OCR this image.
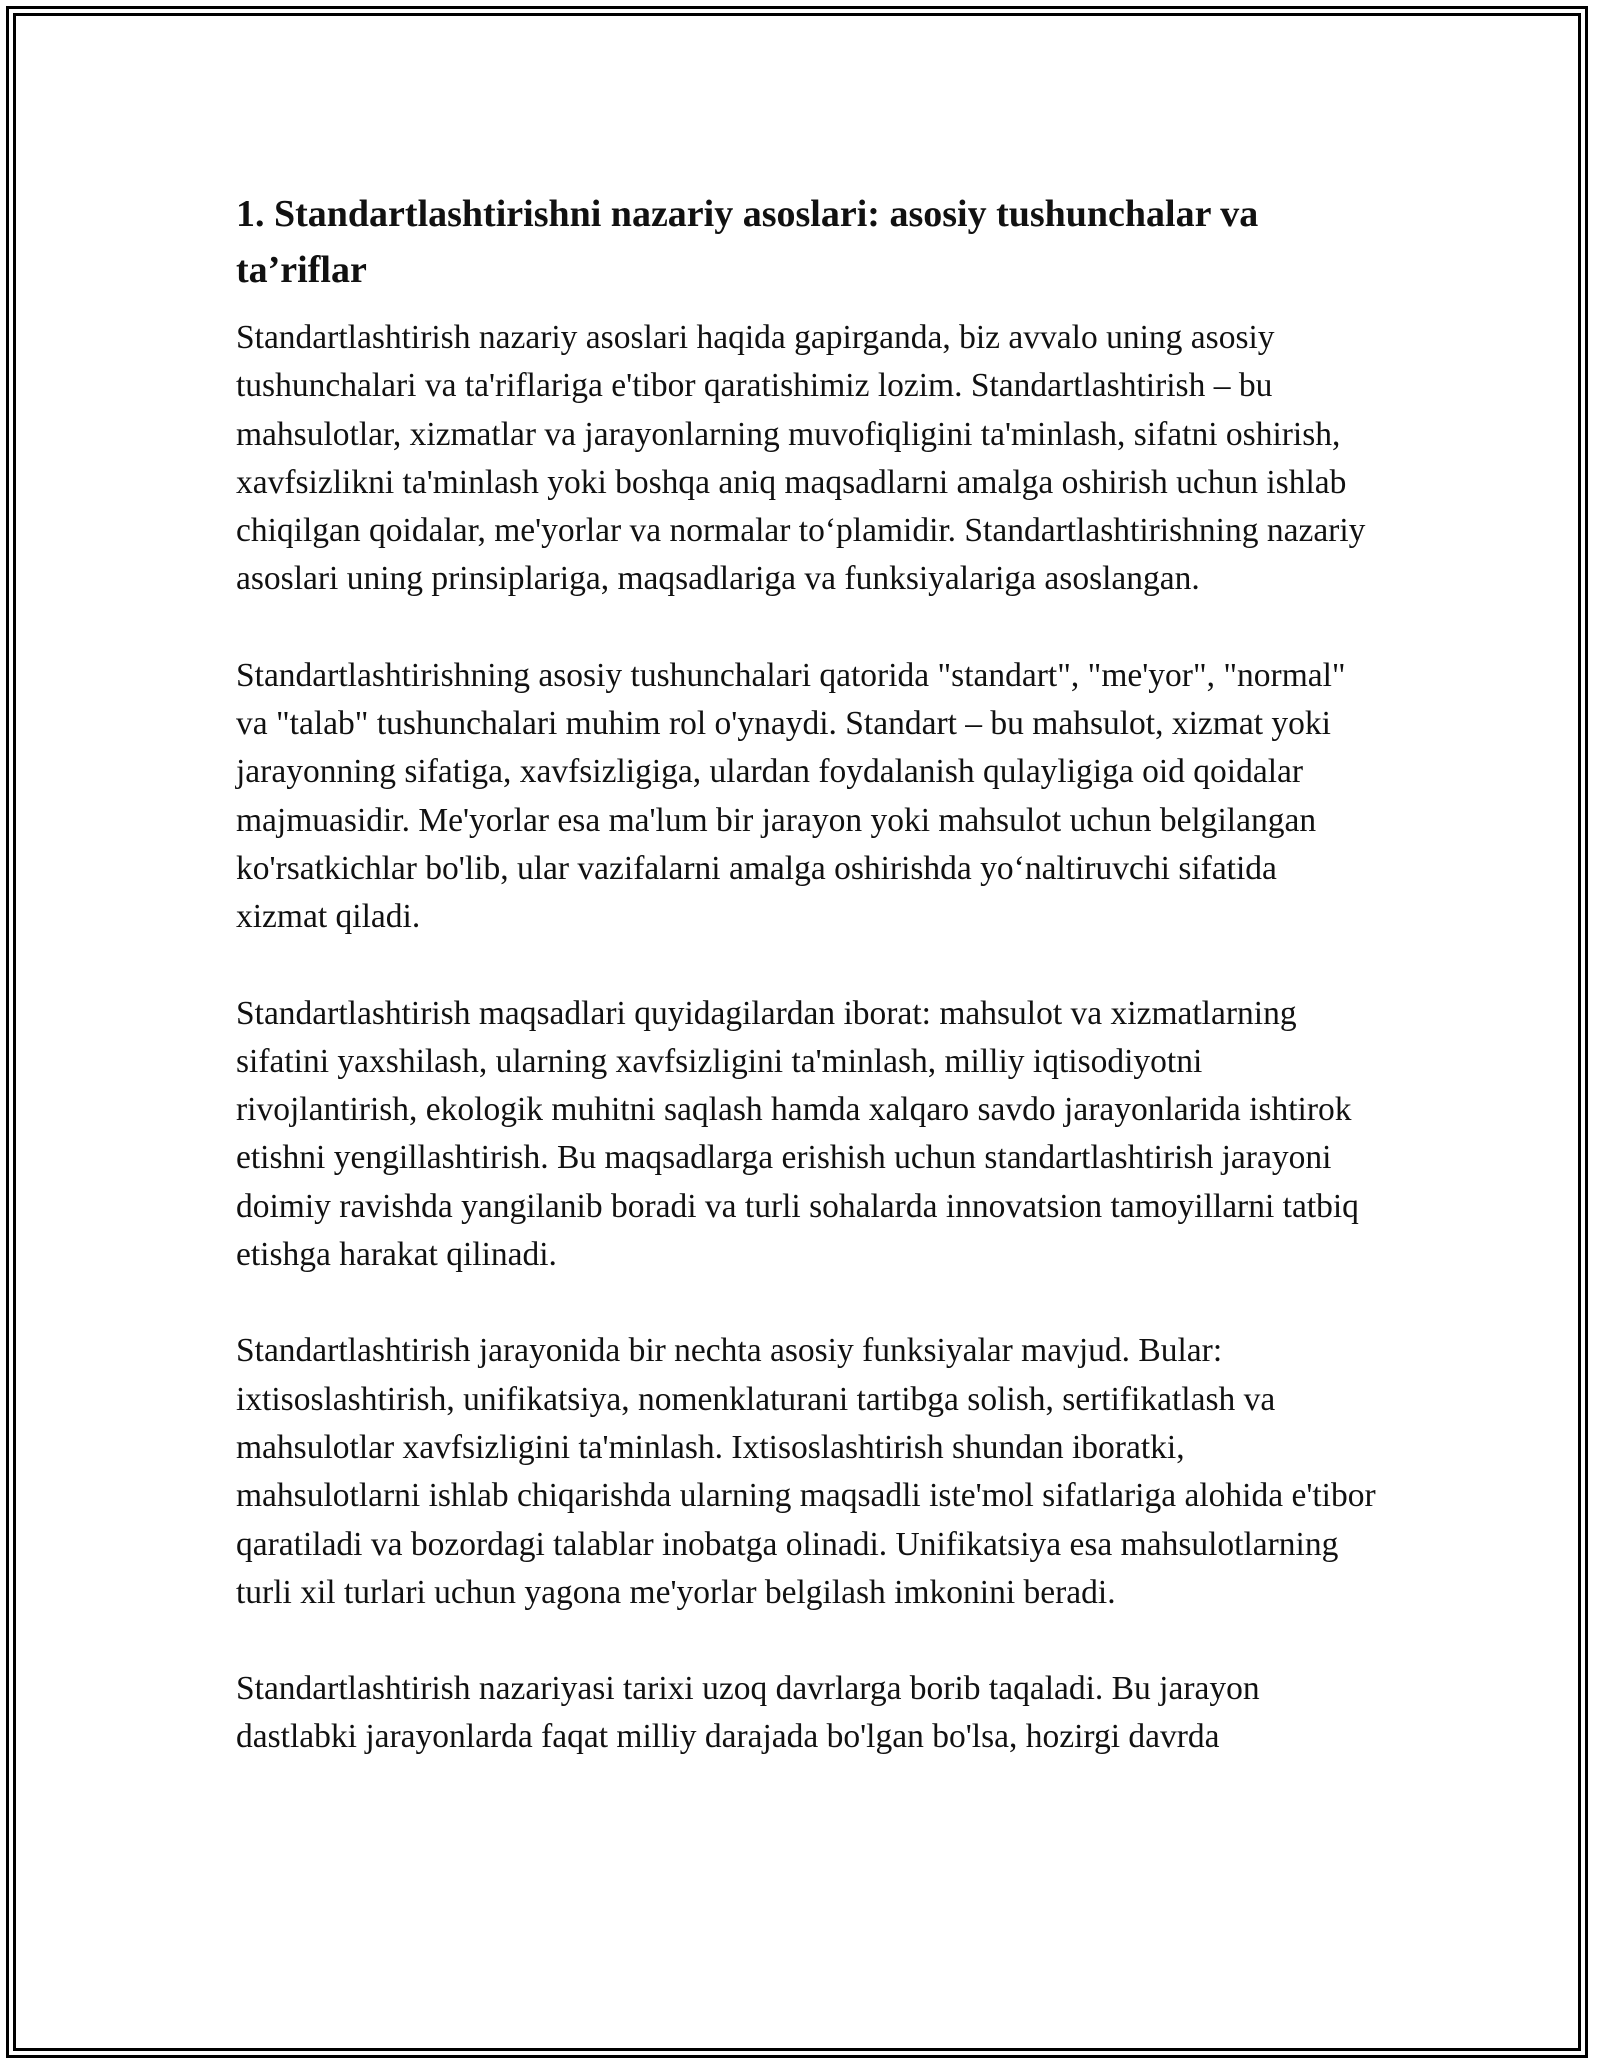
1. Standartlashtirishni nazariy asoslari: asosiy tushunchalar va ta’riflar

Standartlashtirish nazariy asoslari haqida gapirganda, biz avvalo uning asosiy tushunchalari va ta'riflariga e'tibor qaratishimiz lozim. Standartlashtirish – bu mahsulotlar, xizmatlar va jarayonlarning muvofiqligini ta'minlash, sifatni oshirish, xavfsizlikni ta'minlash yoki boshqa aniq maqsadlarni amalga oshirish uchun ishlab chiqilgan qoidalar, me'yorlar va normalar to‘plamidir. Standartlashtirishning nazariy asoslari uning prinsiplariga, maqsadlariga va funksiyalariga asoslangan.

Standartlashtirishning asosiy tushunchalari qatorida "standart", "me'yor", "normal" va "talab" tushunchalari muhim rol o'ynaydi. Standart – bu mahsulot, xizmat yoki jarayonning sifatiga, xavfsizligiga, ulardan foydalanish qulayligiga oid qoidalar majmuasidir. Me'yorlar esa ma'lum bir jarayon yoki mahsulot uchun belgilangan ko'rsatkichlar bo'lib, ular vazifalarni amalga oshirishda yo‘naltiruvchi sifatida xizmat qiladi.

Standartlashtirish maqsadlari quyidagilardan iborat: mahsulot va xizmatlarning sifatini yaxshilash, ularning xavfsizligini ta'minlash, milliy iqtisodiyotni rivojlantirish, ekologik muhitni saqlash hamda xalqaro savdo jarayonlarida ishtirok etishni yengillashtirish. Bu maqsadlarga erishish uchun standartlashtirish jarayoni doimiy ravishda yangilanib boradi va turli sohalarda innovatsion tamoyillarni tatbiq etishga harakat qilinadi.

Standartlashtirish jarayonida bir nechta asosiy funksiyalar mavjud. Bular: ixtisoslashtirish, unifikatsiya, nomenklaturani tartibga solish, sertifikatlash va mahsulotlar xavfsizligini ta'minlash. Ixtisoslashtirish shundan iboratki, mahsulotlarni ishlab chiqarishda ularning maqsadli iste'mol sifatlariga alohida e'tibor qaratiladi va bozordagi talablar inobatga olinadi. Unifikatsiya esa mahsulotlarning turli xil turlari uchun yagona me'yorlar belgilash imkonini beradi.

Standartlashtirish nazariyasi tarixi uzoq davrlarga borib taqaladi. Bu jarayon dastlabki jarayonlarda faqat milliy darajada bo'lgan bo'lsa, hozirgi davrda
